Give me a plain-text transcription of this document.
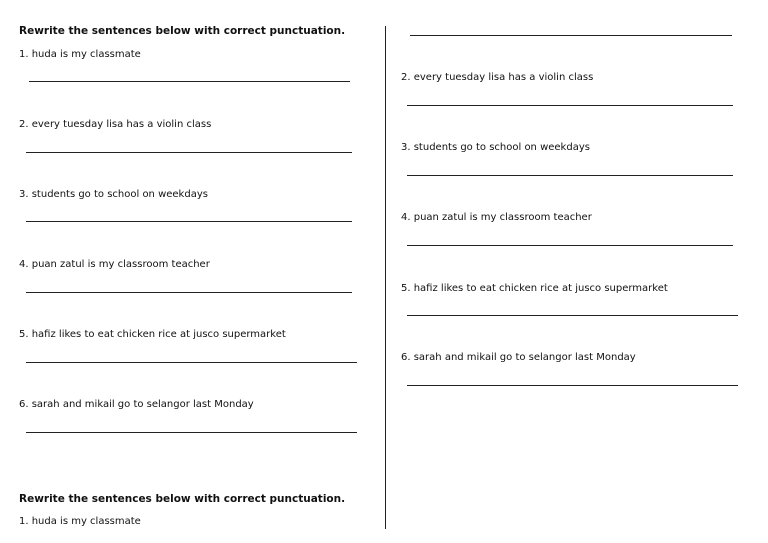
Rewrite the sentences below with correct punctuation.
1. huda is my classmate
2. every tuesday lisa has a violin class
3. students go to school on weekdays
4. puan zatul is my classroom teacher
5. hafiz likes to eat chicken rice at jusco supermarket
6. sarah and mikail go to selangor last Monday
Rewrite the sentences below with correct punctuation.
1. huda is my classmate
2. every tuesday lisa has a violin class
3. students go to school on weekdays
4. puan zatul is my classroom teacher
5. hafiz likes to eat chicken rice at jusco supermarket
6. sarah and mikail go to selangor last Monday
